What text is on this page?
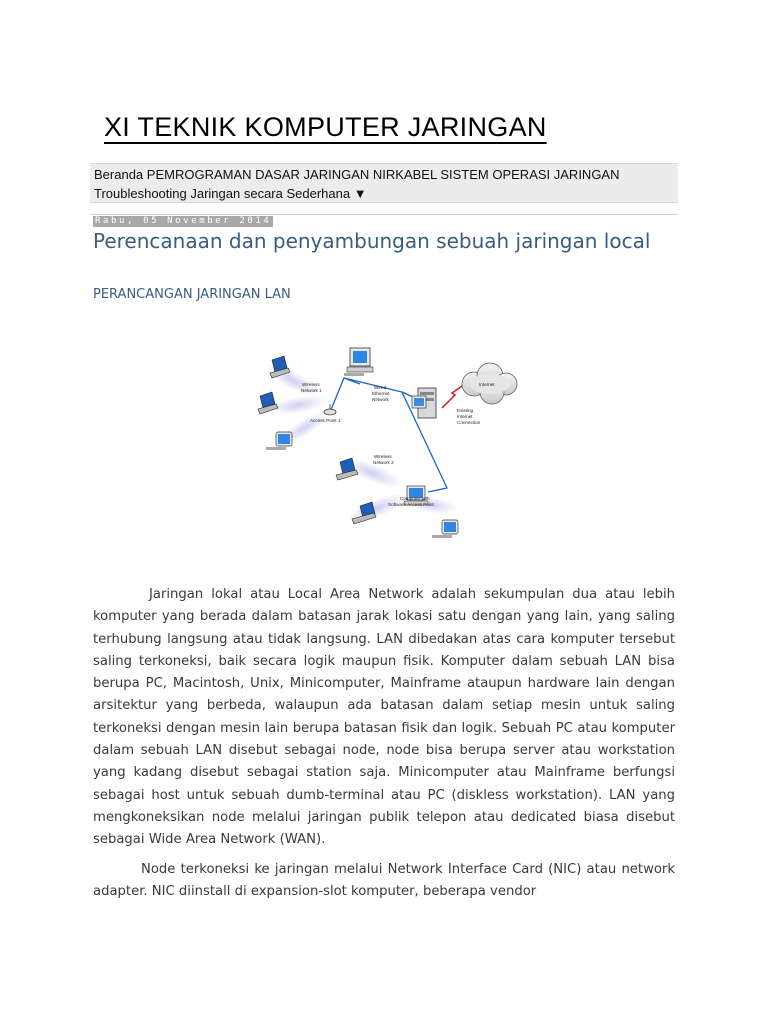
XI TEKNIK KOMPUTER JARINGAN
Beranda PEMROGRAMAN DASAR JARINGAN NIRKABEL SISTEM OPERASI JARINGAN Troubleshooting Jaringan secara Sederhana ▼
Rabu, 05 November 2014
Perencanaan dan penyambungan sebuah jaringan local
PERANCANGAN JARINGAN LAN
Internet
Wireless Network 1
Access Point 1
Wired Ethernet Network
Existing Internet Connection
Wireless Network 2
Computer with Software Access Point

Jaringan lokal atau Local Area Network adalah sekumpulan dua atau lebih komputer yang berada dalam batasan jarak lokasi satu dengan yang lain, yang saling terhubung langsung atau tidak langsung. LAN dibedakan atas cara komputer tersebut saling terkoneksi, baik secara logik maupun fisik. Komputer dalam sebuah LAN bisa berupa PC, Macintosh, Unix, Minicomputer, Mainframe ataupun hardware lain dengan arsitektur yang berbeda, walaupun ada batasan dalam setiap mesin untuk saling terkoneksi dengan mesin lain berupa batasan fisik dan logik. Sebuah PC atau komputer dalam sebuah LAN disebut sebagai node, node bisa berupa server atau workstation yang kadang disebut sebagai station saja. Minicomputer atau Mainframe berfungsi sebagai host untuk sebuah dumb-terminal atau PC (diskless workstation). LAN yang mengkoneksikan node melalui jaringan publik telepon atau dedicated biasa disebut sebagai Wide Area Network (WAN).

Node terkoneksi ke jaringan melalui Network Interface Card (NIC) atau network adapter. NIC diinstall di expansion-slot komputer, beberapa vendor
